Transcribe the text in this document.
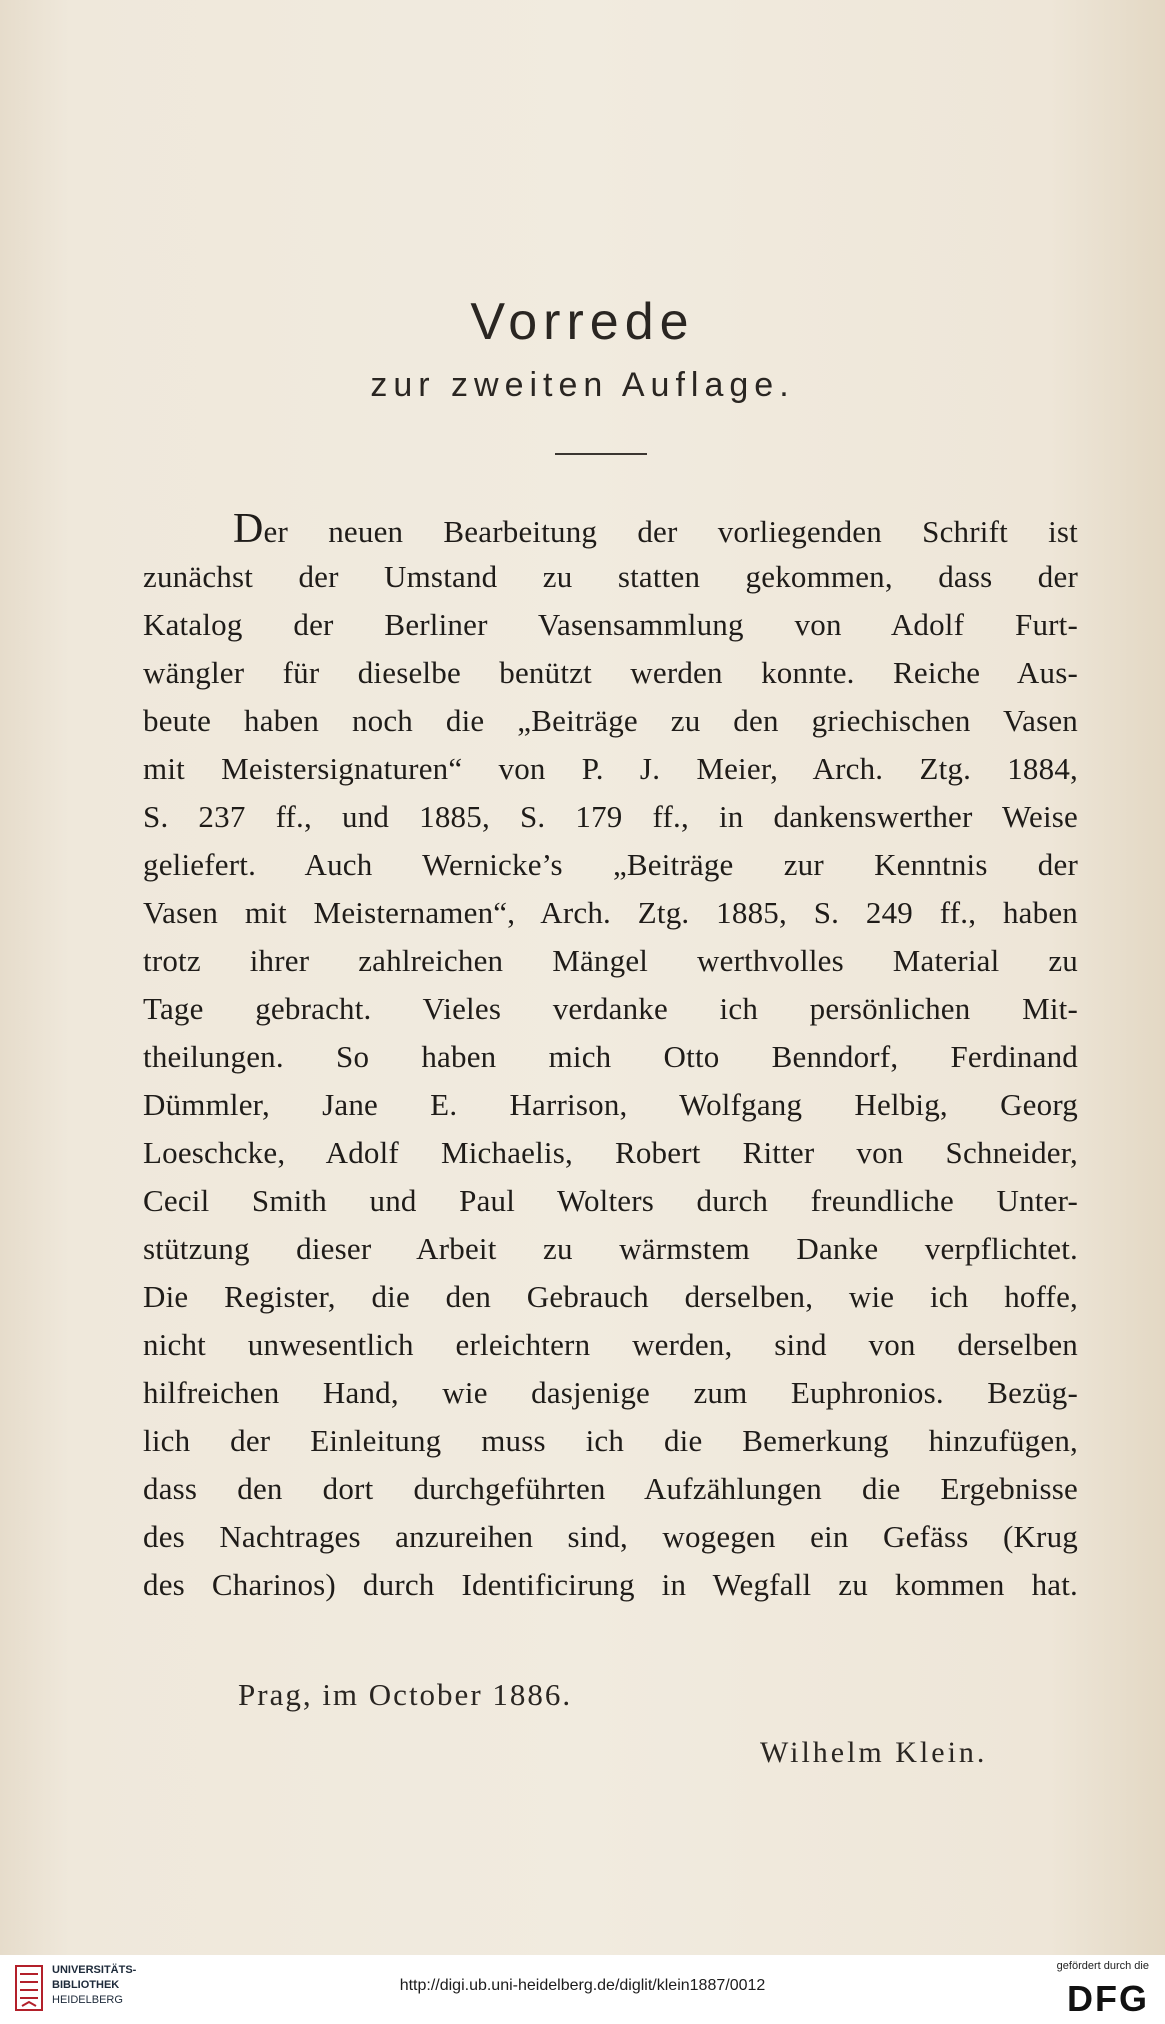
Vorrede
zur zweiten Auflage.
Der neuen Bearbeitung der vorliegenden Schrift ist
zunächst der Umstand zu statten gekommen, dass der
Katalog der Berliner Vasensammlung von Adolf Furt-
wängler für dieselbe benützt werden konnte. Reiche Aus-
beute haben noch die „Beiträge zu den griechischen Vasen
mit Meistersignaturen“ von P. J. Meier, Arch. Ztg. 1884,
S. 237 ff., und 1885, S. 179 ff., in dankenswerther Weise
geliefert. Auch Wernicke’s „Beiträge zur Kenntnis der
Vasen mit Meisternamen“, Arch. Ztg. 1885, S. 249 ff., haben
trotz ihrer zahlreichen Mängel werthvolles Material zu
Tage gebracht. Vieles verdanke ich persönlichen Mit-
theilungen. So haben mich Otto Benndorf, Ferdinand
Dümmler, Jane E. Harrison, Wolfgang Helbig, Georg
Loeschcke, Adolf Michaelis, Robert Ritter von Schneider,
Cecil Smith und Paul Wolters durch freundliche Unter-
stützung dieser Arbeit zu wärmstem Danke verpflichtet.
Die Register, die den Gebrauch derselben, wie ich hoffe,
nicht unwesentlich erleichtern werden, sind von derselben
hilfreichen Hand, wie dasjenige zum Euphronios. Bezüg-
lich der Einleitung muss ich die Bemerkung hinzufügen,
dass den dort durchgeführten Aufzählungen die Ergebnisse
des Nachtrages anzureihen sind, wogegen ein Gefäss (Krug
des Charinos) durch Identificirung in Wegfall zu kommen hat.
Prag, im October 1886.
Wilhelm Klein.
UNIVERSITÄTS-
BIBLIOTHEK
HEIDELBERG
http://digi.ub.uni-heidelberg.de/diglit/klein1887/0012
gefördert durch die
DFG
